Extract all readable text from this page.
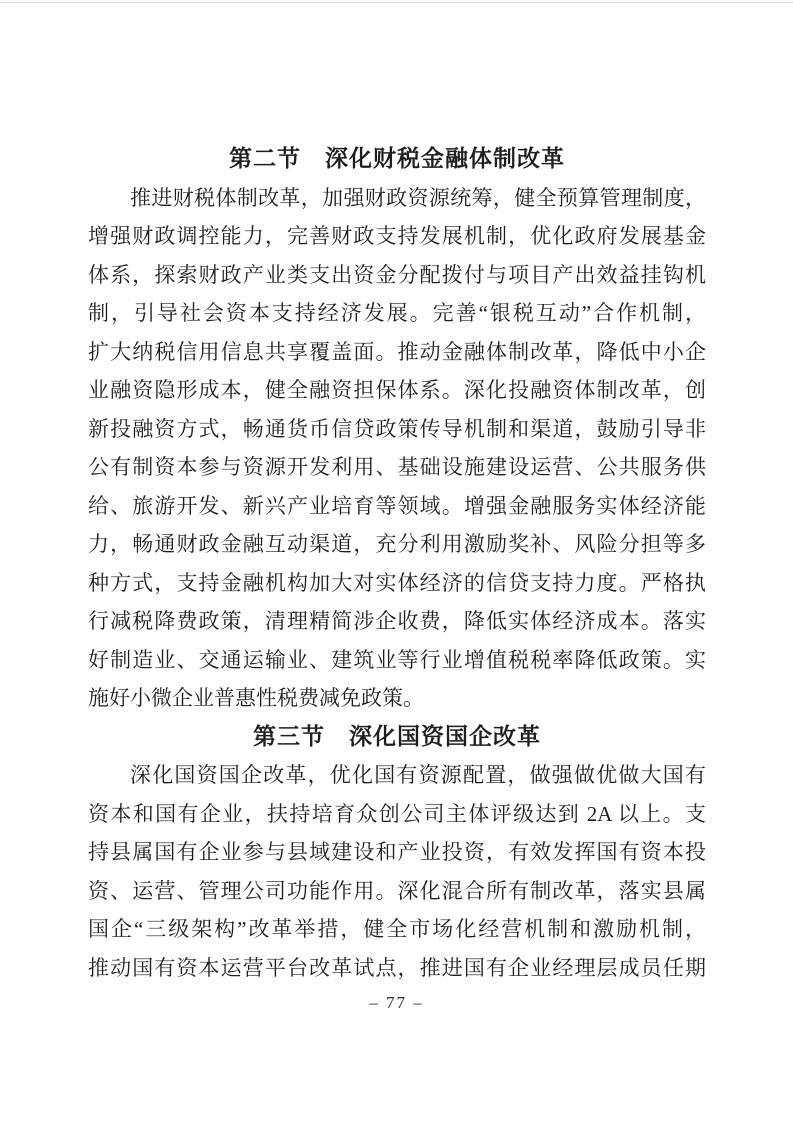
第二节　深化财税金融体制改革
推进财税体制改革，加强财政资源统筹，健全预算管理制度，
增强财政调控能力，完善财政支持发展机制，优化政府发展基金
体系，探索财政产业类支出资金分配拨付与项目产出效益挂钩机
制，引导社会资本支持经济发展。完善“银税互动”合作机制，
扩大纳税信用信息共享覆盖面。推动金融体制改革，降低中小企
业融资隐形成本，健全融资担保体系。深化投融资体制改革，创
新投融资方式，畅通货币信贷政策传导机制和渠道，鼓励引导非
公有制资本参与资源开发利用、基础设施建设运营、公共服务供
给、旅游开发、新兴产业培育等领域。增强金融服务实体经济能
力，畅通财政金融互动渠道，充分利用激励奖补、风险分担等多
种方式，支持金融机构加大对实体经济的信贷支持力度。严格执
行减税降费政策，清理精简涉企收费，降低实体经济成本。落实
好制造业、交通运输业、建筑业等行业增值税税率降低政策。实
施好小微企业普惠性税费减免政策。
第三节　深化国资国企改革
深化国资国企改革，优化国有资源配置，做强做优做大国有
资本和国有企业，扶持培育众创公司主体评级达到 2A 以上。支
持县属国有企业参与县域建设和产业投资，有效发挥国有资本投
资、运营、管理公司功能作用。深化混合所有制改革，落实县属
国企“三级架构”改革举措，健全市场化经营机制和激励机制，
推动国有资本运营平台改革试点，推进国有企业经理层成员任期
– 77 –
